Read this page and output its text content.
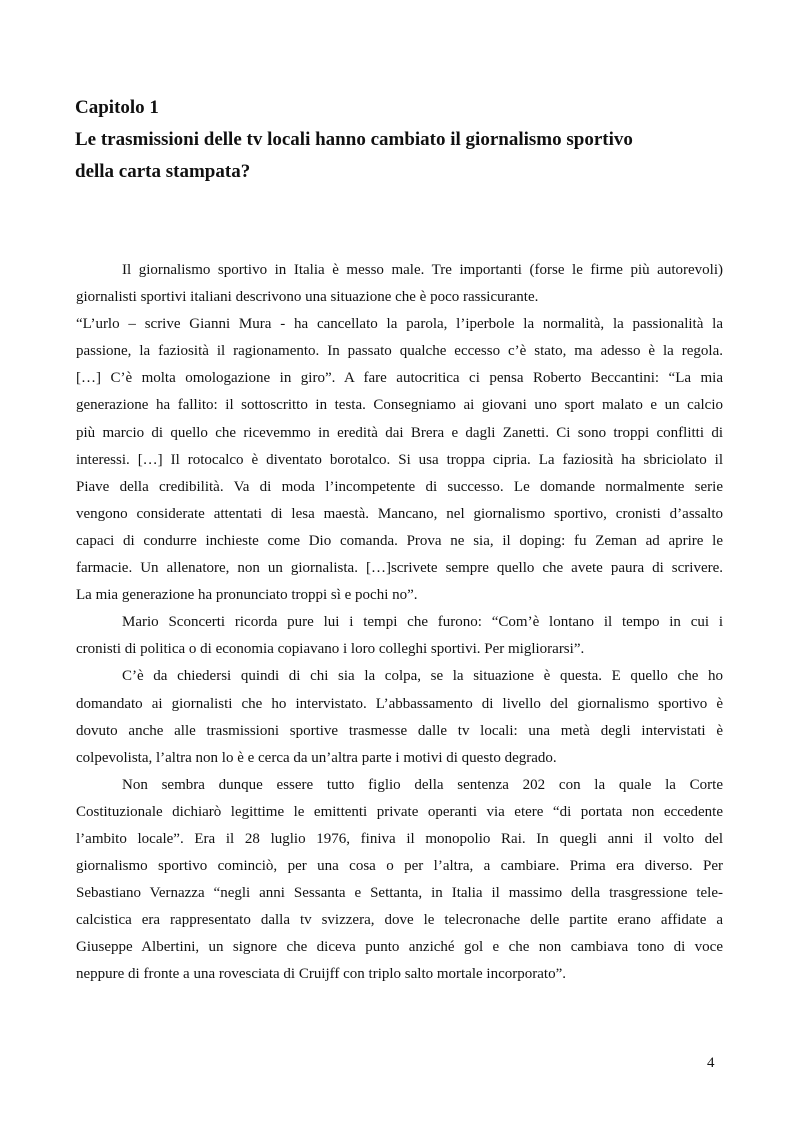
Capitolo 1
Le trasmissioni delle tv locali hanno cambiato il giornalismo sportivo
della carta stampata?
Il giornalismo sportivo in Italia è messo male. Tre importanti (forse le firme più autorevoli)
giornalisti sportivi italiani descrivono una situazione che è poco rassicurante.
“L’urlo – scrive Gianni Mura - ha cancellato la parola, l’iperbole la normalità, la passionalità la
passione, la faziosità il ragionamento. In passato qualche eccesso c’è stato, ma adesso è la regola.
[…] C’è molta omologazione in giro”. A fare autocritica ci pensa Roberto Beccantini: “La mia
generazione ha fallito: il sottoscritto in testa. Consegniamo ai giovani uno sport malato e un calcio
più marcio di quello che ricevemmo in eredità dai Brera e dagli Zanetti. Ci sono troppi conflitti di
interessi. […] Il rotocalco è diventato borotalco. Si usa troppa cipria. La faziosità ha sbriciolato il
Piave della credibilità. Va di moda l’incompetente di successo. Le domande normalmente serie
vengono considerate attentati di lesa maestà. Mancano, nel giornalismo sportivo, cronisti d’assalto
capaci di condurre inchieste come Dio comanda. Prova ne sia, il doping: fu Zeman ad aprire le
farmacie. Un allenatore, non un giornalista. […]scrivete sempre quello che avete paura di scrivere.
La mia generazione ha pronunciato troppi sì e pochi no”.
Mario Sconcerti ricorda pure lui i tempi che furono: “Com’è lontano il tempo in cui i
cronisti di politica o di economia copiavano i loro colleghi sportivi. Per migliorarsi”.
C’è da chiedersi quindi di chi sia la colpa, se la situazione è questa. E quello che ho
domandato ai giornalisti che ho intervistato. L’abbassamento di livello del giornalismo sportivo è
dovuto anche alle trasmissioni sportive trasmesse dalle tv locali: una metà degli intervistati è
colpevolista, l’altra non lo è e cerca da un’altra parte i motivi di questo degrado.
Non sembra dunque essere tutto figlio della sentenza 202 con la quale la Corte
Costituzionale dichiarò legittime le emittenti private operanti via etere “di portata non eccedente
l’ambito locale”. Era il 28 luglio 1976, finiva il monopolio Rai. In quegli anni il volto del
giornalismo sportivo cominciò, per una cosa o per l’altra, a cambiare. Prima era diverso. Per
Sebastiano Vernazza “negli anni Sessanta e Settanta, in Italia il massimo della trasgressione tele-
calcistica era rappresentato dalla tv svizzera, dove le telecronache delle partite erano affidate a
Giuseppe Albertini, un signore che diceva punto anziché gol e che non cambiava tono di voce
neppure di fronte a una rovesciata di Cruijff con triplo salto mortale incorporato”.
4
